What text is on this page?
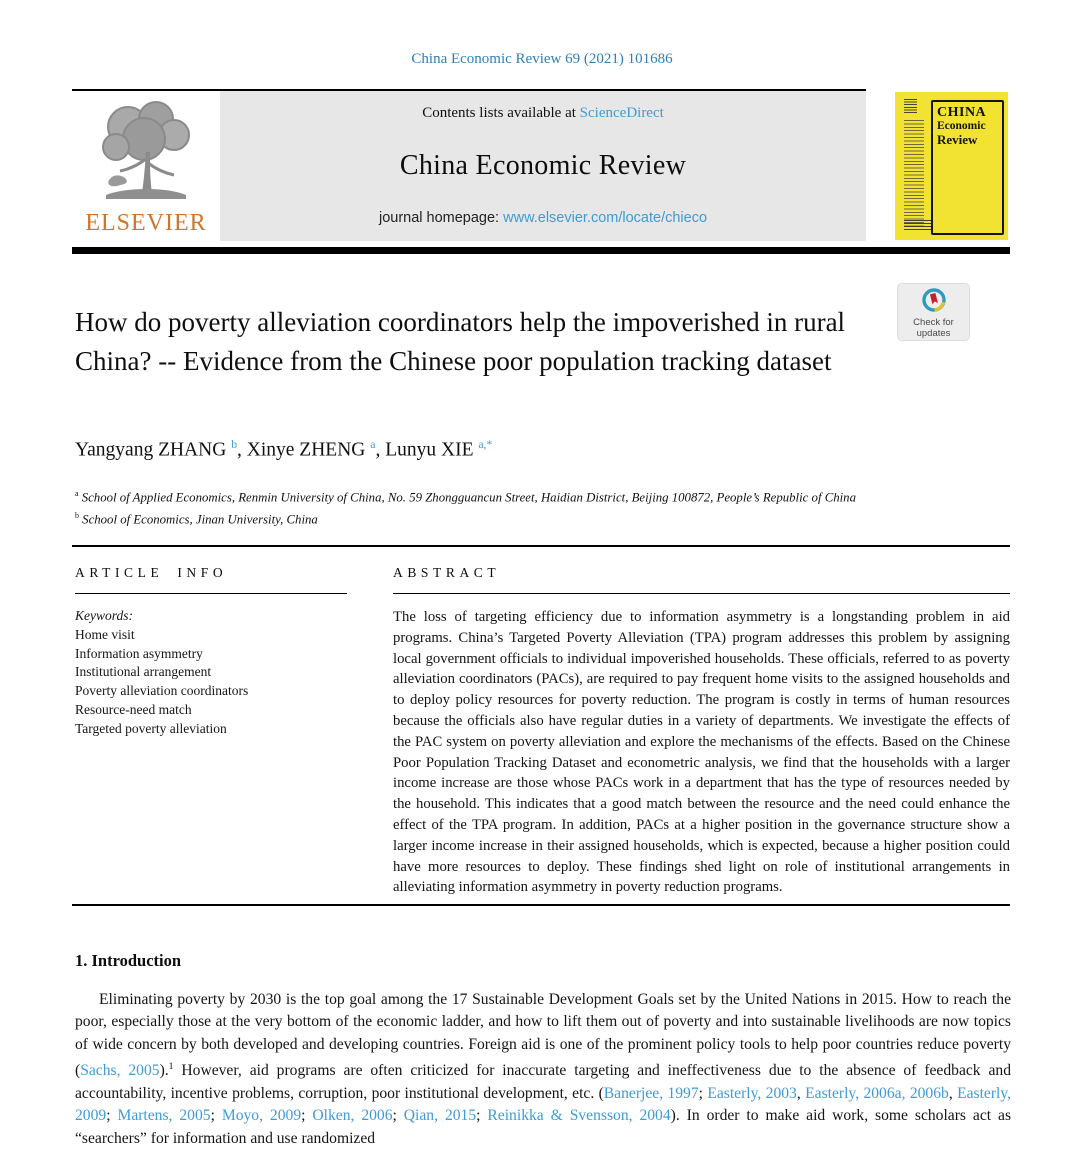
China Economic Review 69 (2021) 101686
ELSEVIER
Contents lists available at ScienceDirect
China Economic Review
journal homepage: www.elsevier.com/locate/chieco
CHINA
Economic
Review
Check for
updates
How do poverty alleviation coordinators help the impoverished in rural China? -- Evidence from the Chinese poor population tracking dataset
Yangyang ZHANG $^b$, Xinye ZHENG $^a$, Lunyu XIE $^{a,*}$
$^a$ School of Applied Economics, Renmin University of China, No. 59 Zhongguancun Street, Haidian District, Beijing 100872, People’s Republic of China
$^b$ School of Economics, Jinan University, China
ARTICLE INFO
Keywords:
Home visit
Information asymmetry
Institutional arrangement
Poverty alleviation coordinators
Resource-need match
Targeted poverty alleviation
ABSTRACT
The loss of targeting efficiency due to information asymmetry is a longstanding problem in aid programs. China’s Targeted Poverty Alleviation (TPA) program addresses this problem by assigning local government officials to individual impoverished households. These officials, referred to as poverty alleviation coordinators (PACs), are required to pay frequent home visits to the assigned households and to deploy policy resources for poverty reduction. The program is costly in terms of human resources because the officials also have regular duties in a variety of departments. We investigate the effects of the PAC system on poverty alleviation and explore the mechanisms of the effects. Based on the Chinese Poor Population Tracking Dataset and econometric analysis, we find that the households with a larger income increase are those whose PACs work in a department that has the type of resources needed by the household. This indicates that a good match between the resource and the need could enhance the effect of the TPA program. In addition, PACs at a higher position in the governance structure show a larger income increase in their assigned households, which is expected, because a higher position could have more resources to deploy. These findings shed light on role of institutional arrangements in alleviating information asymmetry in poverty reduction programs.
1. Introduction

Eliminating poverty by 2030 is the top goal among the 17 Sustainable Development Goals set by the United Nations in 2015. How to reach the poor, especially those at the very bottom of the economic ladder, and how to lift them out of poverty and into sustainable livelihoods are now topics of wide concern by both developed and developing countries. Foreign aid is one of the prominent policy tools to help poor countries reduce poverty (Sachs, 2005).$^1$ However, aid programs are often criticized for inaccurate targeting and ineffectiveness due to the absence of feedback and accountability, incentive problems, corruption, poor institutional development, etc. (Banerjee, 1997; Easterly, 2003, Easterly, 2006a, 2006b, Easterly, 2009; Martens, 2005; Moyo, 2009; Olken, 2006; Qian, 2015; Reinikka & Svensson, 2004). In order to make aid work, some scholars act as “searchers” for information and use randomized
